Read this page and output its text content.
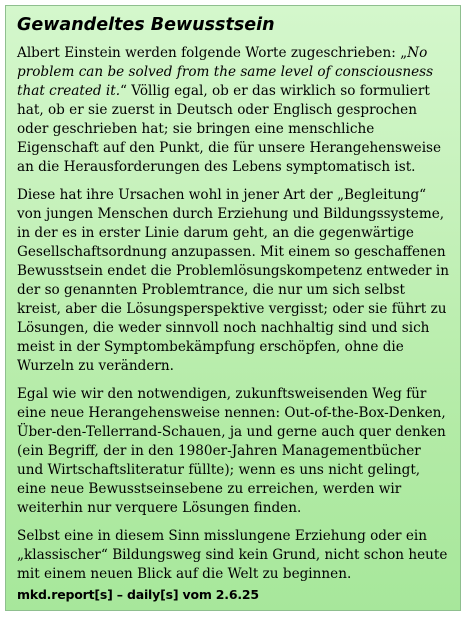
Gewandeltes Bewusstsein

Albert Einstein werden folgende Worte zugeschrieben: „No problem can be solved from the same level of consciousness that created it.“ Völlig egal, ob er das wirklich so formuliert hat, ob er sie zuerst in Deutsch oder Englisch gesprochen oder geschrieben hat; sie bringen eine menschliche Eigenschaft auf den Punkt, die für unsere Herangehensweise an die Herausforderungen des Lebens symptomatisch ist.

Diese hat ihre Ursachen wohl in jener Art der „Begleitung“ von jungen Menschen durch Erziehung und Bildungssysteme, in der es in erster Linie darum geht, an die gegenwärtige Gesellschaftsordnung anzupassen. Mit einem so geschaffenen Bewusstsein endet die Problemlösungskompetenz entweder in der so genannten Problemtrance, die nur um sich selbst kreist, aber die Lösungsperspektive vergisst; oder sie führt zu Lösungen, die weder sinnvoll noch nachhaltig sind und sich meist in der Symptombekämpfung erschöpfen, ohne die Wurzeln zu verändern.

Egal wie wir den notwendigen, zukunftsweisenden Weg für eine neue Herangehensweise nennen: Out-of-the-Box-Denken, Über-den-Tellerrand-Schauen, ja und gerne auch quer denken (ein Begriff, der in den 1980er-Jahren Managementbücher und Wirtschaftsliteratur füllte); wenn es uns nicht gelingt, eine neue Bewusstseinsebene zu erreichen, werden wir weiterhin nur verquere Lösungen finden.

Selbst eine in diesem Sinn misslungene Erziehung oder ein „klassischer“ Bildungsweg sind kein Grund, nicht schon heute mit einem neuen Blick auf die Welt zu beginnen.

mkd.report[s] – daily[s] vom 2.6.25
